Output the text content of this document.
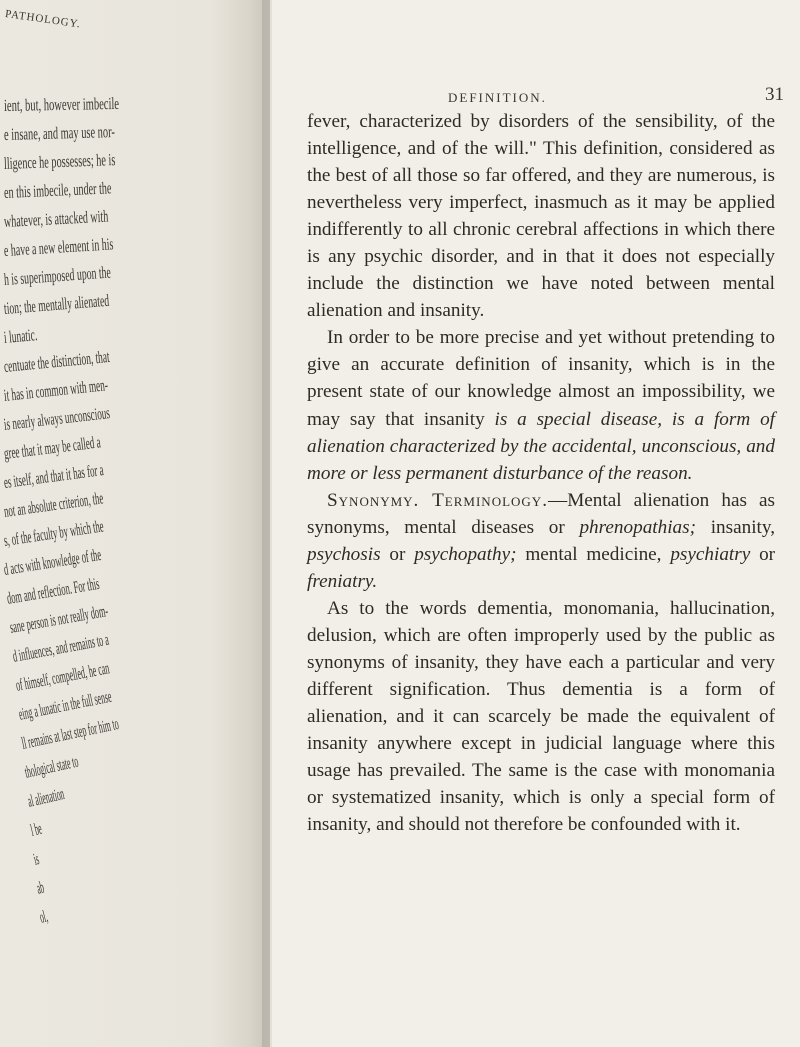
PATHOLOGY.
ient, but, however imbecile
e insane, and may use nor-
lligence he possesses; he is
en this imbecile, under the
whatever, is attacked with
e have a new element in his
h is superimposed upon the
tion; the mentally alienated
i lunatic.
centuate the distinction, that
it has in common with men-
is nearly always unconscious
gree that it may be called a
es itself, and that it has for a
not an absolute criterion, the
s, of the faculty by which the
d acts with knowledge of the
dom and reflection. For this
sane person is not really dom-
d influences, and remains to a
of himself, compelled, he can
eing a lunatic in the full sense
ll remains at last step for him to
thological state to
al alienation
l be
is
ab
ol,
DEFINITION.	31

fever, characterized by disorders of the sensibility, of the intelligence, and of the will." This definition, considered as the best of all those so far offered, and they are numerous, is nevertheless very imperfect, inasmuch as it may be applied indifferently to all chronic cerebral affections in which there is any psychic disorder, and in that it does not especially include the distinction we have noted between mental alienation and insanity.

In order to be more precise and yet without pretending to give an accurate definition of insanity, which is in the present state of our knowledge almost an impossibility, we may say that insanity is a special disease, is a form of alienation characterized by the accidental, unconscious, and more or less permanent disturbance of the reason.

Synonymy. Terminology.—Mental alienation has as synonyms, mental diseases or phrenopathias; insanity, psychosis or psychopathy; mental medicine, psychiatry or freniatry.

As to the words dementia, monomania, hallucination, delusion, which are often improperly used by the public as synonyms of insanity, they have each a particular and very different signification. Thus dementia is a form of alienation, and it can scarcely be made the equivalent of insanity anywhere except in judicial language where this usage has prevailed. The same is the case with monomania or systematized insanity, which is only a special form of insanity, and should not therefore be confounded with it.
